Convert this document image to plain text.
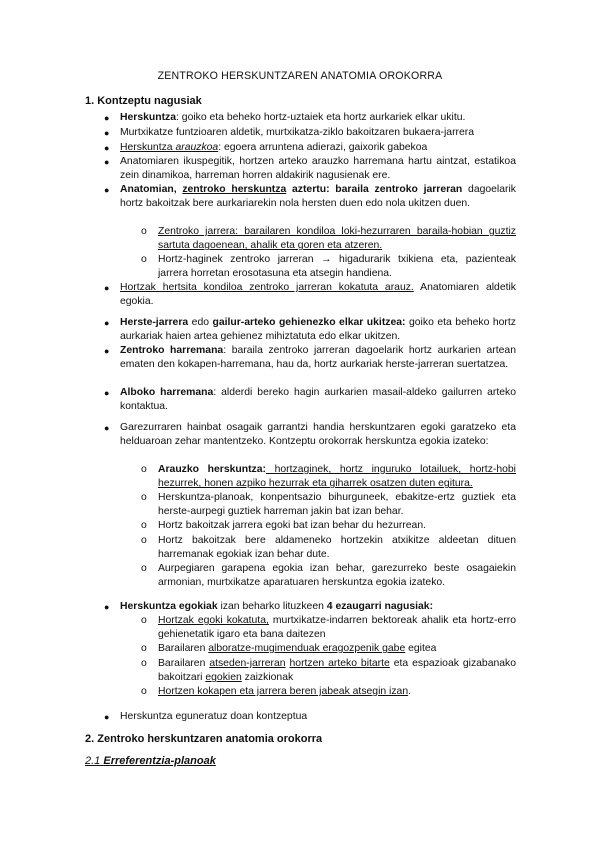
ZENTROKO HERSKUNTZAREN ANATOMIA OROKORRA
1. Kontzeptu nagusiak
● Herskuntza: goiko eta beheko hortz-uztaiek eta hortz aurkariek elkar ukitu.
● Murtxikatze funtzioaren aldetik, murtxikatza-ziklo bakoitzaren bukaera-jarrera
● Herskuntza arauzkoa: egoera arruntena adierazi, gaixorik gabekoa
● Anatomiaren ikuspegitik, hortzen arteko arauzko harremana hartu aintzat, estatikoa zein dinamikoa, harreman horren aldakirik nagusienak ere.
● Anatomian, zentroko herskuntza aztertu: baraila zentroko jarreran dagoelarik hortz bakoitzak bere aurkariarekin nola hersten duen edo nola ukitzen duen.
o Zentroko jarrera: barailaren kondiloa loki-hezurraren baraila-hobian guztiz sartuta dagoenean, ahalik eta goren eta atzeren.
o Hortz-haginek zentroko jarreran → higadurarik txikiena eta, pazienteak jarrera horretan erosotasuna eta atsegin handiena.
● Hortzak hertsita kondiloa zentroko jarreran kokatuta arauz. Anatomiaren aldetik egokia.
● Herste-jarrera edo gailur-arteko gehienezko elkar ukitzea: goiko eta beheko hortz aurkariak haien artea gehienez mihiztatuta edo elkar ukitzen.
● Zentroko harremana: baraila zentroko jarreran dagoelarik hortz aurkarien artean ematen den kokapen-harremana, hau da, hortz aurkariak herste-jarreran suertatzea.
● Alboko harremana: alderdi bereko hagin aurkarien masail-aldeko gailurren arteko kontaktua.
● Garezurraren hainbat osagaik garrantzi handia herskuntzaren egoki garatzeko eta helduaroan zehar mantentzeko. Kontzeptu orokorrak herskuntza egokia izateko:
o Arauzko herskuntza: hortzaginek, hortz inguruko lotailuek, hortz-hobi hezurrek, honen azpiko hezurrak eta giharrek osatzen duten egitura.
o Herskuntza-planoak, konpentsazio bihurguneek, ebakitze-ertz guztiek eta herste-aurpegi guztiek harreman jakin bat izan behar.
o Hortz bakoitzak jarrera egoki bat izan behar du hezurrean.
o Hortz bakoitzak bere aldameneko hortzekin atxikitze aldeetan dituen harremanak egokiak izan behar dute.
o Aurpegiaren garapena egokia izan behar, garezurreko beste osagaiekin armonian, murtxikatze aparatuaren herskuntza egokia izateko.
● Herskuntza egokiak izan beharko lituzkeen 4 ezaugarri nagusiak:
o Hortzak egoki kokatuta, murtxikatze-indarren bektoreak ahalik eta hortz-erro gehienetatik igaro eta bana daitezen
o Barailaren alboratze-mugimenduak eragozpenik gabe egitea
o Barailaren atseden-jarreran hortzen arteko bitarte eta espazioak gizabanako bakoitzari egokien zaizkionak
o Hortzen kokapen eta jarrera beren jabeak atsegin izan.
● Herskuntza eguneratuz doan kontzeptua
2. Zentroko herskuntzaren anatomia orokorra
2.1 Erreferentzia-planoak
